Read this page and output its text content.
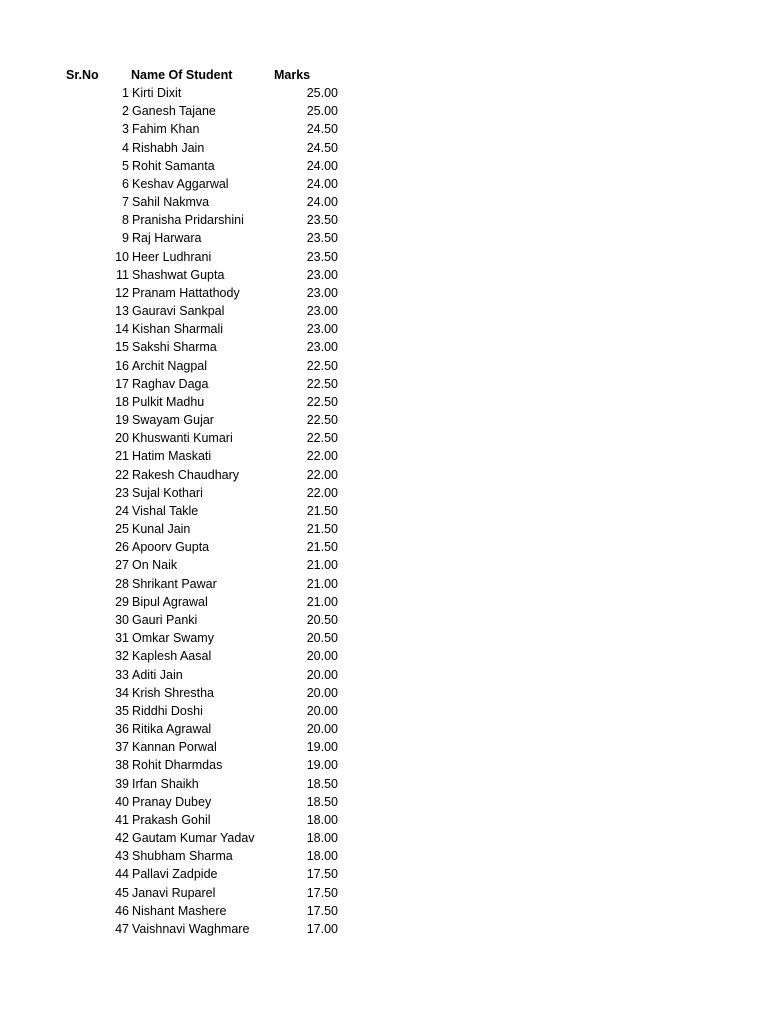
Sr.No	Name Of Student	Marks
1 Kirti Dixit	25.00
2 Ganesh Tajane	25.00
3 Fahim Khan	24.50
4 Rishabh Jain	24.50
5 Rohit Samanta	24.00
6 Keshav Aggarwal	24.00
7 Sahil Nakmva	24.00
8 Pranisha Pridarshini	23.50
9 Raj Harwara	23.50
10 Heer Ludhrani	23.50
11 Shashwat Gupta	23.00
12 Pranam Hattathody	23.00
13 Gauravi Sankpal	23.00
14 Kishan Sharmali	23.00
15 Sakshi Sharma	23.00
16 Archit Nagpal	22.50
17 Raghav Daga	22.50
18 Pulkit Madhu	22.50
19 Swayam Gujar	22.50
20 Khuswanti Kumari	22.50
21 Hatim Maskati	22.00
22 Rakesh Chaudhary	22.00
23 Sujal Kothari	22.00
24 Vishal Takle	21.50
25 Kunal Jain	21.50
26 Apoorv Gupta	21.50
27 On Naik	21.00
28 Shrikant Pawar	21.00
29 Bipul Agrawal	21.00
30 Gauri Panki	20.50
31 Omkar Swamy	20.50
32 Kaplesh Aasal	20.00
33 Aditi Jain	20.00
34 Krish Shrestha	20.00
35 Riddhi Doshi	20.00
36 Ritika Agrawal	20.00
37 Kannan Porwal	19.00
38 Rohit Dharmdas	19.00
39 Irfan Shaikh	18.50
40 Pranay Dubey	18.50
41 Prakash Gohil	18.00
42 Gautam Kumar Yadav	18.00
43 Shubham Sharma	18.00
44 Pallavi Zadpide	17.50
45 Janavi Ruparel	17.50
46 Nishant Mashere	17.50
47 Vaishnavi Waghmare	17.00
